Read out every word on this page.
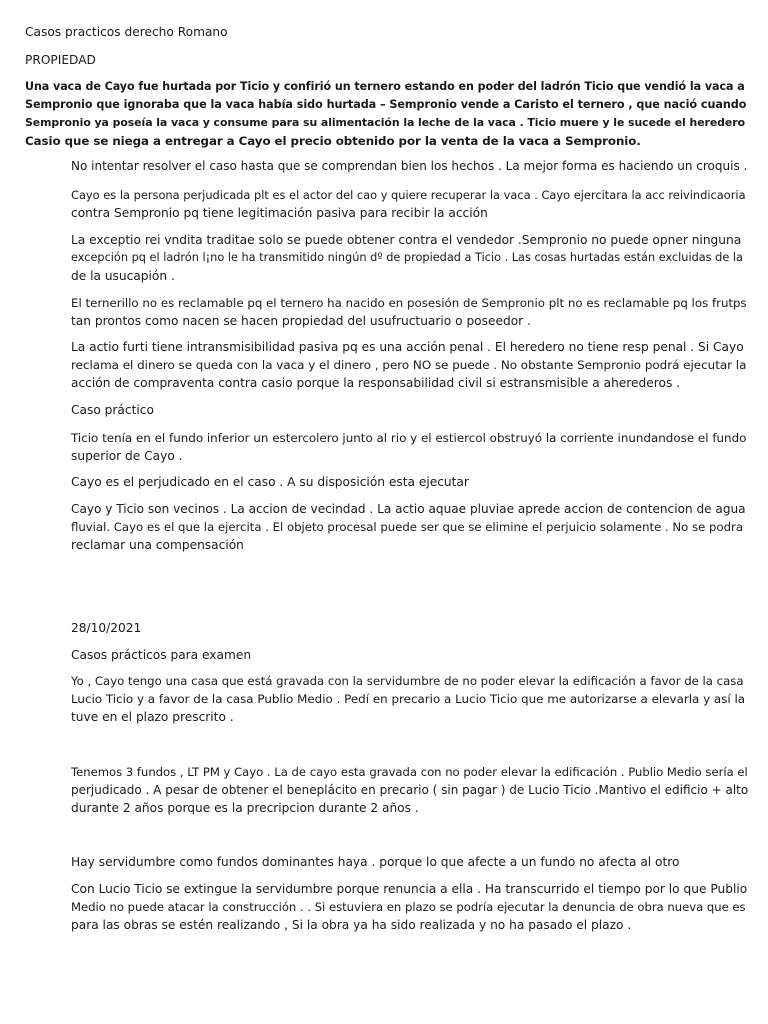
Casos practicos derecho Romano

PROPIEDAD

Una vaca de Cayo fue hurtada por Ticio y confirió un ternero estando en poder del ladrón Ticio que vendió la vaca a

Sempronio que ignoraba que la vaca había sido hurtada – Sempronio vende a Caristo el ternero , que nació cuando

Sempronio ya poseía la vaca y consume para su alimentación la leche de la vaca . Ticio muere y le sucede el heredero

Casio que se niega a entregar a Cayo el precio obtenido por la venta de la vaca a Sempronio.

No intentar resolver el caso hasta que se comprendan bien los hechos . La mejor forma es haciendo un croquis .

Cayo es la persona perjudicada plt es el actor del cao y quiere recuperar la vaca . Cayo ejercitara la acc reivindicaoria

contra Sempronio pq tiene legitimación pasiva para recibir la acción

La exceptio rei vndita traditae solo se puede obtener contra el vendedor .Sempronio no puede opner ninguna

excepción pq el ladrón l¡no le ha transmitido ningún dº de propiedad a Ticio . Las cosas hurtadas están excluidas de la

de la usucapión .

El ternerillo no es reclamable pq el ternero ha nacido en posesión de Sempronio plt no es reclamable pq los frutps

tan prontos como nacen se hacen propiedad del usufructuario o poseedor .

La actio furti tiene intransmisibilidad pasiva pq es una acción penal . El heredero no tiene resp penal . Si Cayo

reclama el dinero se queda con la vaca y el dinero , pero NO se puede . No obstante Sempronio podrá ejecutar la

acción de compraventa contra casio porque la responsabilidad civil si estransmisible a aherederos .

Caso práctico

Ticio tenía en el fundo inferior un estercolero junto al rio y el estiercol obstruyó la corriente inundandose el fundo

superior de Cayo .

Cayo es el perjudicado en el caso . A su disposición esta ejecutar

Cayo y Ticio son vecinos . La accion de vecindad . La actio aquae pluviae aprede accion de contencion de agua

fluvial. Cayo es el que la ejercita . El objeto procesal puede ser que se elimine el perjuicio solamente . No se podra

reclamar una compensación

28/10/2021

Casos prácticos para examen

Yo , Cayo tengo una casa que está gravada con la servidumbre de no poder elevar la edificación a favor de la casa

Lucio Ticio y a favor de la casa Publio Medio . Pedí en precario a Lucio Ticio que me autorizarse a elevarla y así la

tuve en el plazo prescrito .

Tenemos 3 fundos , LT PM y Cayo . La de cayo esta gravada con no poder elevar la edificación . Publio Medio sería el

perjudicado . A pesar de obtener el beneplácito en precario ( sin pagar ) de Lucio Ticio .Mantivo el edificio + alto

durante 2 años porque es la precripcion durante 2 años .

Hay servidumbre como fundos dominantes haya . porque lo que afecte a un fundo no afecta al otro

Con Lucio Ticio se extingue la servidumbre porque renuncia a ella . Ha transcurrido el tiempo por lo que Publio

Medio no puede atacar la construcción . . Si estuviera en plazo se podría ejecutar la denuncia de obra nueva que es

para las obras se estén realizando , Si la obra ya ha sido realizada y no ha pasado el plazo .
